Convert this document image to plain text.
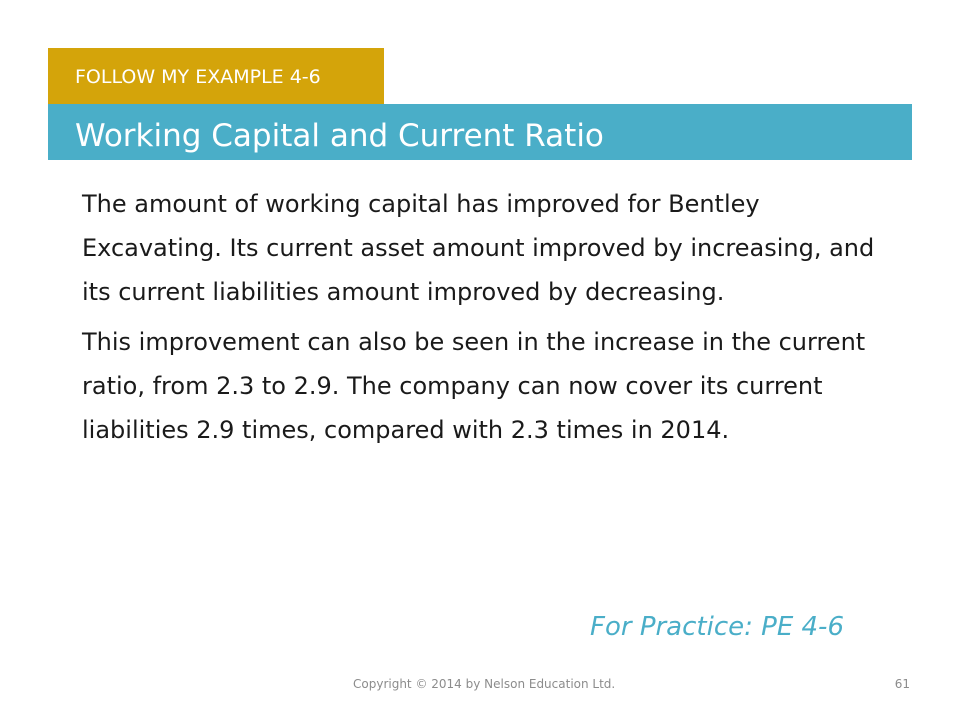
FOLLOW MY EXAMPLE 4-6
Working Capital and Current Ratio

The amount of working capital has improved for Bentley Excavating. Its current asset amount improved by increasing, and its current liabilities amount improved by decreasing.

This improvement can also be seen in the increase in the current ratio, from 2.3 to 2.9. The company can now cover its current liabilities 2.9 times, compared with 2.3 times in 2014.

For Practice: PE 4-6
Copyright © 2014 by Nelson Education Ltd.	61
